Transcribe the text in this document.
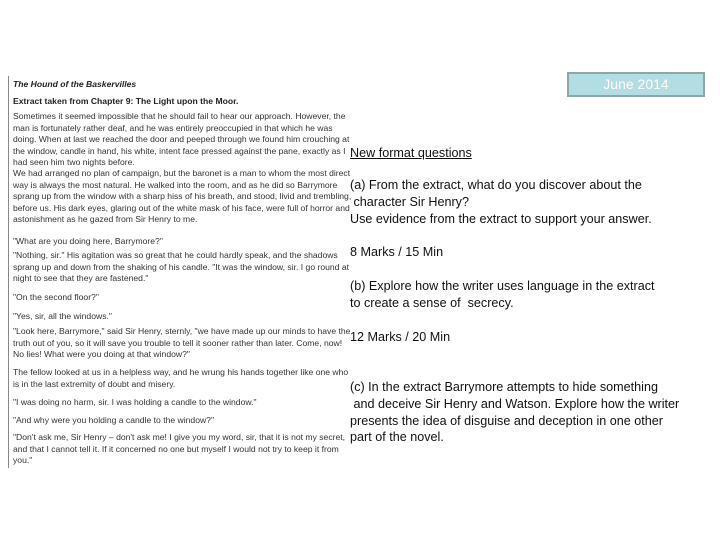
The Hound of the Baskervilles

Extract taken from Chapter 9: The Light upon the Moor.

Sometimes it seemed impossible that he should fail to hear our approach. However, the man is fortunately rather deaf, and he was entirely preoccupied in that which he was doing. When at last we reached the door and peeped through we found him crouching at the window, candle in hand, his white, intent face pressed against the pane, exactly as I had seen him two nights before.

We had arranged no plan of campaign, but the baronet is a man to whom the most direct way is always the most natural. He walked into the room, and as he did so Barrymore sprang up from the window with a sharp hiss of his breath, and stood, livid and trembling, before us. His dark eyes, glaring out of the white mask of his face, were full of horror and astonishment as he gazed from Sir Henry to me.

"What are you doing here, Barrymore?"

"Nothing, sir." His agitation was so great that he could hardly speak, and the shadows sprang up and down from the shaking of his candle. "It was the window, sir. I go round at night to see that they are fastened."

"On the second floor?"

"Yes, sir, all the windows."

"Look here, Barrymore," said Sir Henry, sternly, "we have made up our minds to have the truth out of you, so it will save you trouble to tell it sooner rather than later. Come, now! No lies! What were you doing at that window?"

The fellow looked at us in a helpless way, and he wrung his hands together like one who is in the last extremity of doubt and misery.

"I was doing no harm, sir. I was holding a candle to the window."

"And why were you holding a candle to the window?"

"Don't ask me, Sir Henry – don't ask me! I give you my word, sir, that it is not my secret, and that I cannot tell it. If it concerned no one but myself I would not try to keep it from you."

June 2014

New format questions

(a) From the extract, what do you discover about the
character Sir Henry?
Use evidence from the extract to support your answer.

8 Marks / 15 Min

(b) Explore how the writer uses language in the extract
to create a sense of  secrecy.

12 Marks / 20 Min

(c) In the extract Barrymore attempts to hide something
and deceive Sir Henry and Watson. Explore how the writer
presents the idea of disguise and deception in one other
part of the novel.
